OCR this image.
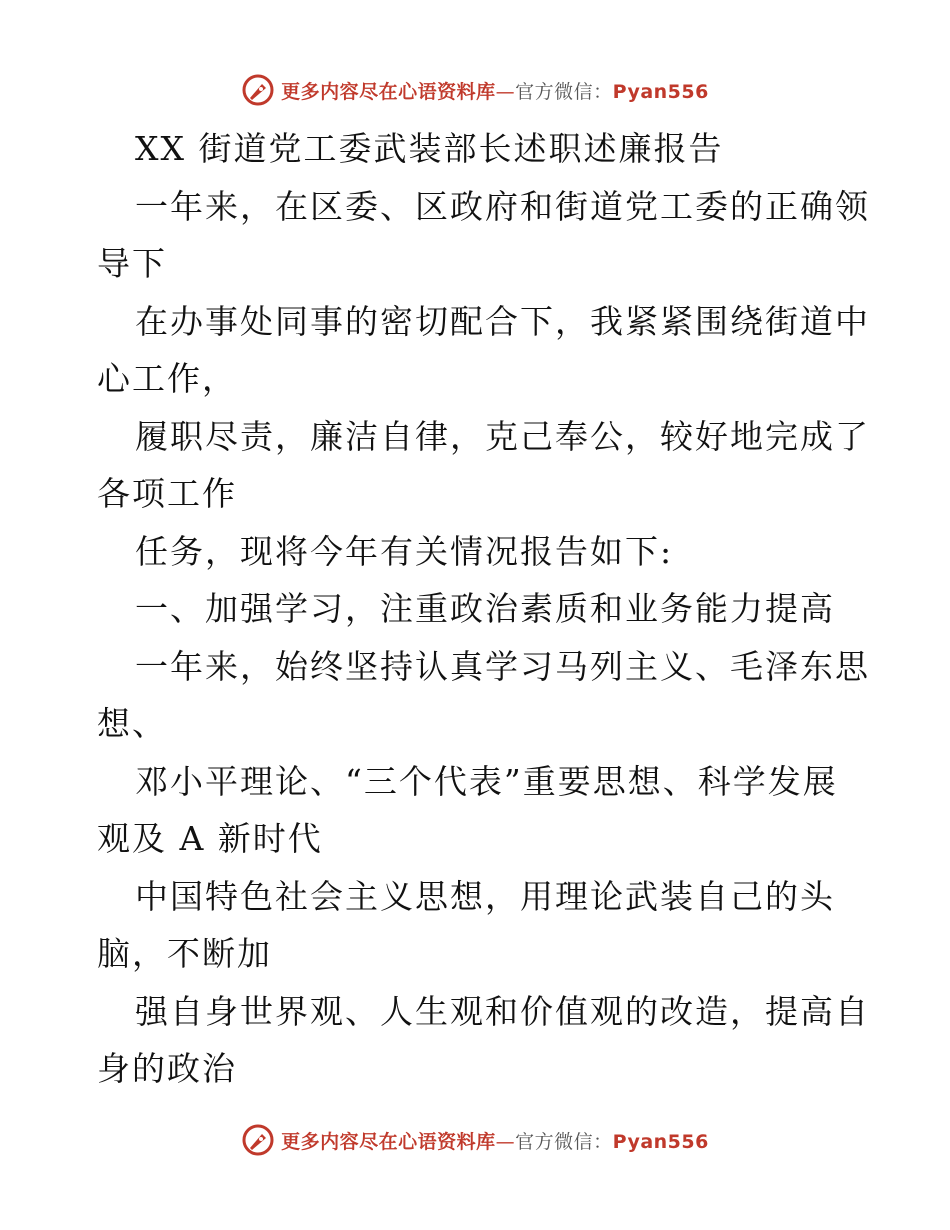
更多内容尽在心语资料库—官方微信：Pyan556
XX 街道党工委武装部长述职述廉报告
一年来，在区委、区政府和街道党工委的正确领
导下
在办事处同事的密切配合下，我紧紧围绕街道中
心工作，
履职尽责，廉洁自律，克己奉公，较好地完成了
各项工作
任务，现将今年有关情况报告如下:
一、加强学习，注重政治素质和业务能力提高
一年来，始终坚持认真学习马列主义、毛泽东思
想、
邓小平理论、“三个代表”重要思想、科学发展
观及 A 新时代
中国特色社会主义思想，用理论武装自己的头
脑，不断加
强自身世界观、人生观和价值观的改造，提高自
身的政治
更多内容尽在心语资料库—官方微信：Pyan556
